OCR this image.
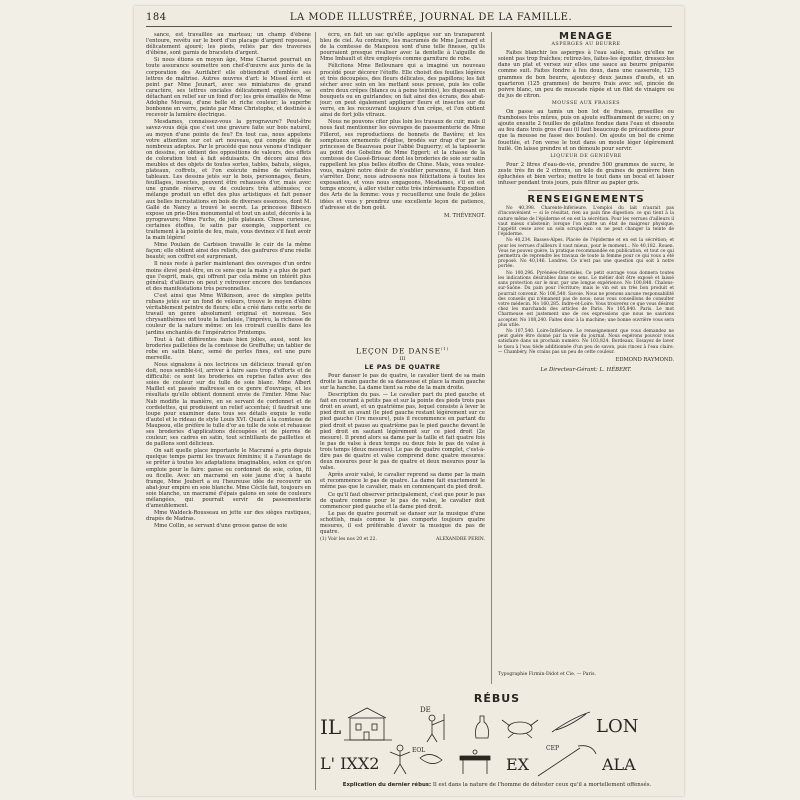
184	LA MODE ILLUSTRÉE, JOURNAL DE LA FAMILLE.

sance, est travaillée au marteau; un champ d'ébène l'entoure, revêtu sur le bord d'un placage d'argent repoussé, délicatement ajouré; les pieds, reliés par des traverses d'ébène, sont garnis de bracelets d'argent.

Si nous étions en moyen âge, Mme Charost pourrait en toute assurance soumettre son chef-d'œuvre aux jurés de la corporation des Aurifabri! elle obtiendrait d'emblée ses lettres de maîtrise. Autres œuvres d'art: le Missel écrit et peint par Mme Jeunart, avec ses miniatures de grand caractère, ses lettres onciales délicatement enjolivées, se détachant en relief sur un fond d'or; les grès émaillés de Mme Adolphe Moreau, d'une belle et riche couleur; la superbe bonbonne en verre, peinte par Mme Christophe, et destinée à recevoir la lumière électrique.

Mesdames, connaissez-vous la pyrogravure? Peut-être savez-vous déjà que c'est une gravure faite sur bois naturel, au moyen d'une pointe de feu? En tout cas, nous appelons votre attention sur cet art nouveau, qui compte déjà de nombreux adeptes. Par le procédé que nous venons d'indiquer on dessine, on obtient des oppositions de valeurs, des effets de coloration tout à fait séduisants. On décore ainsi des meubles et des objets de toutes sortes, tables, bahuts, sièges, plateaux, coffrets, et l'on exécute même de véritables tableaux. Les dessins jetés sur le bois, personnages, fleurs, feuillages, insectes, peuvent être rehaussés d'or, mais avec une grande réserve, ou de couleurs très atténuées; ce mélange produit un effet des plus artistiques et fait penser aux belles incrustations en bois de diverses essences, dont M. Gallé de Nancy a trouvé le secret. La princesse Bibesco expose un prie-Dieu monumental et tout un autel, décorés à la pyrogravure; Mme Fuchs, de jolis plateaux. Chose curieuse, certaines étoffes, le satin par exemple, supportent ce traitement à la pointe de feu, mais, vous devinez s'il faut avoir la main légère!

Mme Poulain de Carbison travaille le cuir de la même façon; elle obtient ainsi des reliefs, des gaufrures d'une réelle beauté; son coffret est surprenant.

Il nous reste à parler maintenant des ouvrages d'un ordre moins élevé peut-être, en ce sens que la main y a plus de part que l'esprit, mais, qui offrent par cela même un intérêt plus général; d'ailleurs on peut y retrouver encore des tendances et des manifestations très personnelles.

C'est ainsi que Mme Wilkinson, avec de simples petits rubans jetés sur un fond de velours, trouve le moyen d'ébre véritablement peintre de fleurs; elle a créé dans cette sorte de travail un genre absolument original et nouveau. Ses chrysanthèmes ont toute la fantaisie, l'imprévu, la richesse de couleur de la nature même: on les croirait cueillis dans les jardins enchantés de l'impératrice Printemps.

Tout à fait différentes mais bien jolies, aussi, sont les broderies pailletées de la comtesse de Greffulhe; un tablier de robe en satin blanc, semé de perles fines, est une pure merveille.

Nous signalons à nos lectrices un délicieux travail qu'on doit, nous semble-t-il, arriver à faire sans trop d'efforts et de difficulté: ce sont les broderies en reprise faites avec des soies de couleur sur du tulle de soie blanc. Mme Albert Maillet est passée maîtresse en ce genre d'ouvrage, et les résultats qu'elle obtient donnent envie de l'imiter. Mme Nac Nab modifie la manière, en se servant de cordonnet et de cordelettes, qui produisent un relief accentué; il faudrait une loupe pour examiner dans tous ses détails exquis le voile d'autel et le rideau de style Louis XVI. Quant à la comtesse de Maupeou, elle préfère le tulle d'or au tulle de soie et rehausse ses broderies d'applications découpées et de pierres de couleur; ses cadres en satin, tout scintillants de paillettes et de paillons sont délicieux.

On sait quelle place importante le Macramé a pris depuis quelque temps parmi les travaux féminins; il a l'avantage de se prêter à toutes les adaptations imaginables, selon ce qu'on emploie pour le faire: ganse ou cordonnet de soie, coton, fil ou ficelle. Avec un macramé en soie jaune d'or, à haute frange, Mme Joubert a eu l'heureuse idée de recouvrir un abat-jour empire en soie blanche. Mme Cécile fait, toujours en soie blanche, un macramé d'épais galons en soie de couleurs mélangées, qui pourrait servir de passementerie d'ameublement.

Mme Waldeck-Rousseau en jette sur des sièges rustiques, drapés de Madras.

Mme Collin, se servant d'une grosse ganse de soie

écru, en fait un sac qu'elle applique sur un transparent bleu de ciel. Au contraire, les macramés de Mme Jacmard et de la comtesse de Maupeou sont d'une telle finesse, qu'ils pourraient presque rivaliser avec la dentelle à l'aiguille de Mme Imbault et être employés comme garniture de robe.

Félicitons Mme Bellounare qui a imaginé un nouveau procédé pour décorer l'étoffe. Elle choisit des feuilles légères et très découpées, des fleurs délicates, des papillons; les fait sécher avec soin en les mettant sous presse, puis les colle entre deux crêpes (blancs ou à peine teintés), les disposant en bouquets ou en guirlandes; on fait ainsi des écrans, des abat-jour; on peut également appliquer fleurs et insectes sur du verre, en les recouvrant toujours d'un crêpe, et l'on obtient ainsi de fort jolis vitraux.

Nous ne pouvons citer plus loin les travaux de cuir, mais il nous faut mentionner les ouvrages de passementerie de Mme Fillerot, ses reproductions de bonnets de Bavière; et les somptueux ornements d'église, brodés sur drap d'or par la princesse de Beauveau pour l'abbé Duguerry; et la tapisserie au point des Gobelins de Mme Eggert; et la chasse de la comtesse de Cassé-Brissac dont les broderies de soie sur satin rappellent les plus belles étoffes de Chine. Mais, vous voulez-vous, malgré notre désir de n'oublier personne, il faut bien s'arrêter. Donc, nous adressons nos félicitations à toutes les exposantes, et vous nous engageons, Mesdames, s'il en est temps encore, à aller visiter cette très intéressante Exposition des Arts de la femme: vous y recueillerez une foule de jolies idées et vous y prendrez une excellente leçon de patience, d'adresse et de bon goût.

M. THÉVENOT.
LEÇON DE DANSE$^{(1)}$
III
LE PAS DE QUATRE

Pour danser le pas de quatre, le cavalier tient de sa main droite la main gauche de sa danseuse et place la main gauche sur la hanche. La dame tient sa robe de la main droite.

Description du pas. — Le cavalier part du pied gauche et fait en courant à petits pas et sur la pointe des pieds trois pas droit en avant, et un quatrième pas, lequel consiste à lever le pied droit en avant (le pied gauche restant légèrement sur ce pied gauche (1re mesure), puis il recommence en partant du pied droit et pause au quatrième pas le pied gauche devant le pied droit en sautant légèrement sur ce pied droit (2e mesure). Il prend alors sa dame par la taille et fait quatre fois le pas de valse à deux temps ou deux fois le pas de valse à trois temps (deux mesures). Le pas de quatre complet, c'est-à-dire pas de quatre et valse comprend donc quatre mesures: deux mesures pour le pas de quatre et deux mesures pour la valse.

Après avoir valsé, le cavalier reprend sa dame par la main et recommence le pas de quatre. La dame fait exactement le même pas que le cavalier, mais en commençant du pied droit.

Ce qu'il faut observer principalement, c'est que pour le pas de quatre comme pour le pas de valse, le cavalier doit commencer pied gauche et la dame pied droit.

Le pas de quatre pourrait se danser sur la musique d'une schottish, mais comme le pas comporte toujours quatre mesures, il est préférable d'avoir la musique du pas de quatre.

(1) Voir les nos 20 et 22.	ALEXANDRE PERIN.
MÉNAGE
ASPERGES AU BEURRE

Faites blanchir les asperges à l'eau salée, mais qu'elles ne soient pas trop fraîches; retirez-les, faites-les égoutter, dressez-les dans un plat et versez sur elles une sauce au beurre préparée comme suit. Faites fondre à feu doux, dans une casserole, 125 grammes de bon beurre, ajoutez-y deux jaunes d'œufs, et un quarteron (125 grammes) de beurre frais avec sel, pincée de poivre blanc, un peu de muscade râpée et un filet de vinaigre ou du jus de citron.

MOUSSE AUX FRAISES

On passe au tamis un bon lot de fraises, groseilles ou framboises très mûres, puis on ajoute suffisamment de sucre; on y ajoute ensuite 2 feuilles de gélatine fondue dans l'eau et dissoute au feu dans trois gros d'eau (il faut beaucoup de précautions pour que la mousse ne fasse des boules). On ajoute un bol de crème fouettée, et l'on verse le tout dans un moule léger légèrement huilé. On laisse prendre et on démoule pour servir.

LIQUEUR DE GENIÈVRE

Pour 2 litres d'eau-de-vie, prendre 500 grammes de sucre, le zeste très fin de 2 citrons, un kilo de graines de genièvre bien épluchées et bien vertes; mettre le tout dans un bocal et laisser infuser pendant trois jours, puis filtrer au papier gris.

RENSEIGNEMENTS

No 40,398. Charente-Inférieure. L'emploi du lait n'aurait pas d'inconvénient — si le résultat, rien au pain fine digestion: ce qui tient à la nature même de l'épiderme et en est la sécrétion. Pour les verrues d'ailleurs il vaut mieux s'abstenir; lorsque l'on quitte un état de maigreur physique, l'appétit cesse avec un soin scrupuleux: on ne peut changer la teinte de l'épiderme.

No 40,234. Basses-Alpes. Placée de l'épiderme et en est la sécrétion; et pour les verrues d'ailleurs il vaut mieux, pour le moment... No 40,182. Rouen. Vous ne pouvez guère, la pratique recommandée en publication, et tout ce qui permettra de reprendre les travaux de toute la femme pour ce qui vous a été proposé. No 40,146. Londres. Ce n'est pas une question qui soit à notre portée.

No 100,296. Pyrénées-Orientales. Ce petit ouvrage vous donnera toutes les indications désirables dans ce sens. Le métier doit être exposé et laissé sans protection sur le mur, par une longue expérience. No 100,848. Chalons-sur-Saône. Du pain pour l'écriture; mais le vin est un très bon produit et pourrait convenir. No 106,540. Savoie. Nous ne prenons aucune responsabilité des conseils qui n'émanent pas de nous; nous vous conseillons de consulter votre médecin. No 160,285. Indre-et-Loire. Vous trouverez ce que vous désirez chez les marchands des articles de Paris. No 105,840. Paris. Le mot Charmeuse est justement une de ces expressions que nous ne saurions accepter. No 108,240. Faites donc à la machine; une bonne ouvrière vous sera plus utile.

No 107,540. Loire-Inférieure. Le renseignement que vous demandez ne peut guère être donné par la voie du journal. Nous espérons pouvoir vous satisfaire dans un prochain numéro. No 103,824. Bordeaux. Essayez de laver le tissu à l'eau tiède additionnée d'un peu de savon, puis rincez à l'eau claire. — Chambéry. Ne crains pas un peu de cette couleur.

EDMOND RAYMOND.
Le Directeur-Gérant: L. HÉBERT.
Typographie Firmin-Didot et Cie. — Paris.
RÉBUS
IL
DE
LON
L' IXX2
EOL	CEP
EX	ALA
Explication du dernier rébus: Il est dans la nature de l'homme de détester ceux qu'il a mortellement offensés.
